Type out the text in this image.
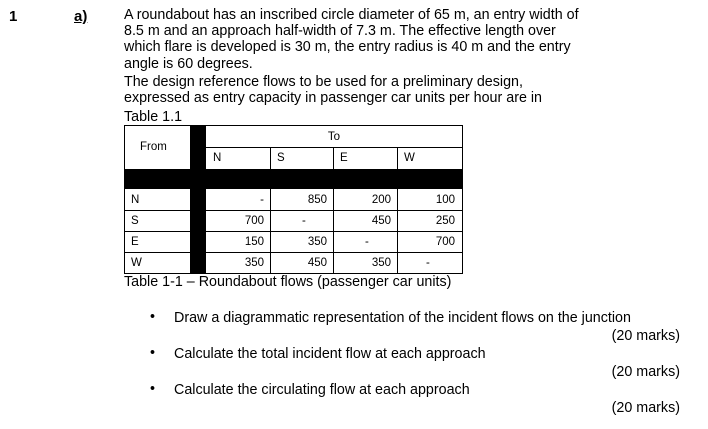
1	a)	A roundabout has an inscribed circle diameter of 65 m, an entry width of
8.5 m and an approach half-width of 7.3 m. The effective length over
which flare is developed is 30 m, the entry radius is 40 m and the entry
angle is 60 degrees.
The design reference flows to be used for a preliminary design,
expressed as entry capacity in passenger car units per hour are in
Table 1.1
From
To
N	S	E	W
N	-	850	200	100
S	700	-	450	250
E	150	350	-	700
W	350	450	350	-
Table 1-1 – Roundabout flows (passenger car units)
• Draw a diagrammatic representation of the incident flows on the junction
(20 marks)
• Calculate the total incident flow at each approach
(20 marks)
• Calculate the circulating flow at each approach
(20 marks)
